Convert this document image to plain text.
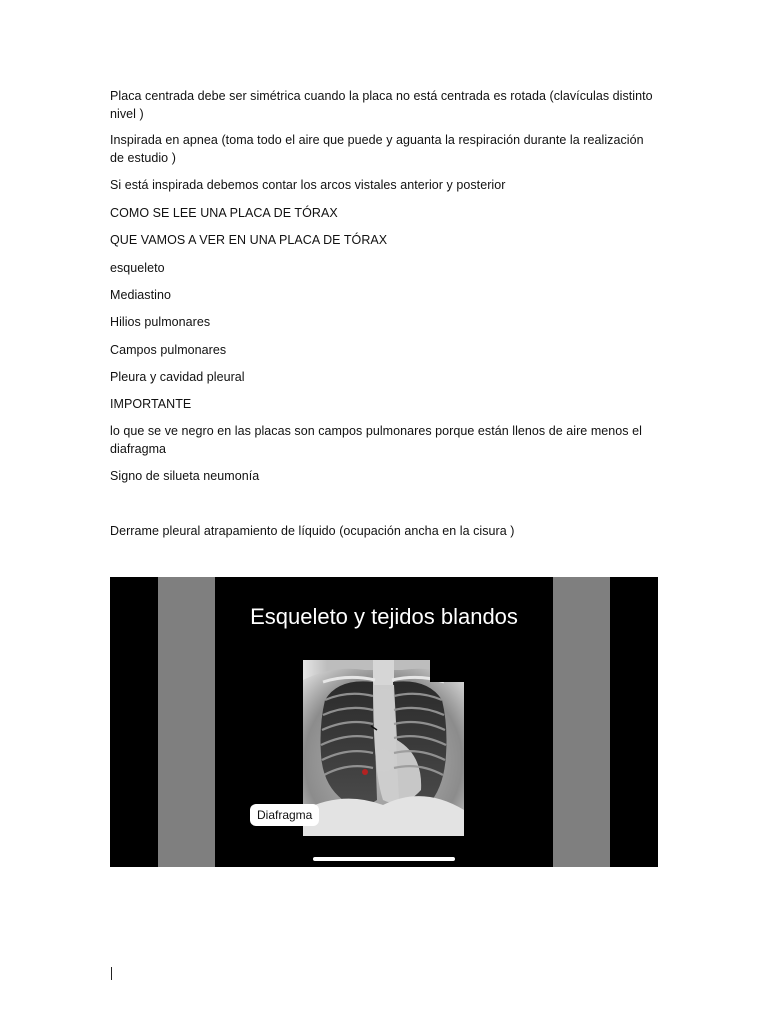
Placa centrada debe ser simétrica cuando la placa no está centrada es rotada (clavículas distinto nivel )

Inspirada en apnea (toma todo el aire que puede y aguanta la respiración durante la realización de estudio )

Si está inspirada debemos contar los arcos vistales anterior y posterior

COMO SE LEE UNA PLACA DE TÓRAX

QUE VAMOS A VER EN UNA PLACA DE TÓRAX

esqueleto

Mediastino

Hilios pulmonares

Campos pulmonares

Pleura y cavidad pleural

IMPORTANTE

lo que se ve negro en las placas son campos pulmonares porque están llenos de aire menos el diafragma

Signo de silueta neumonía

Derrame pleural atrapamiento de líquido (ocupación ancha en la cisura )

Esqueleto y tejidos blandos
Diafragma
